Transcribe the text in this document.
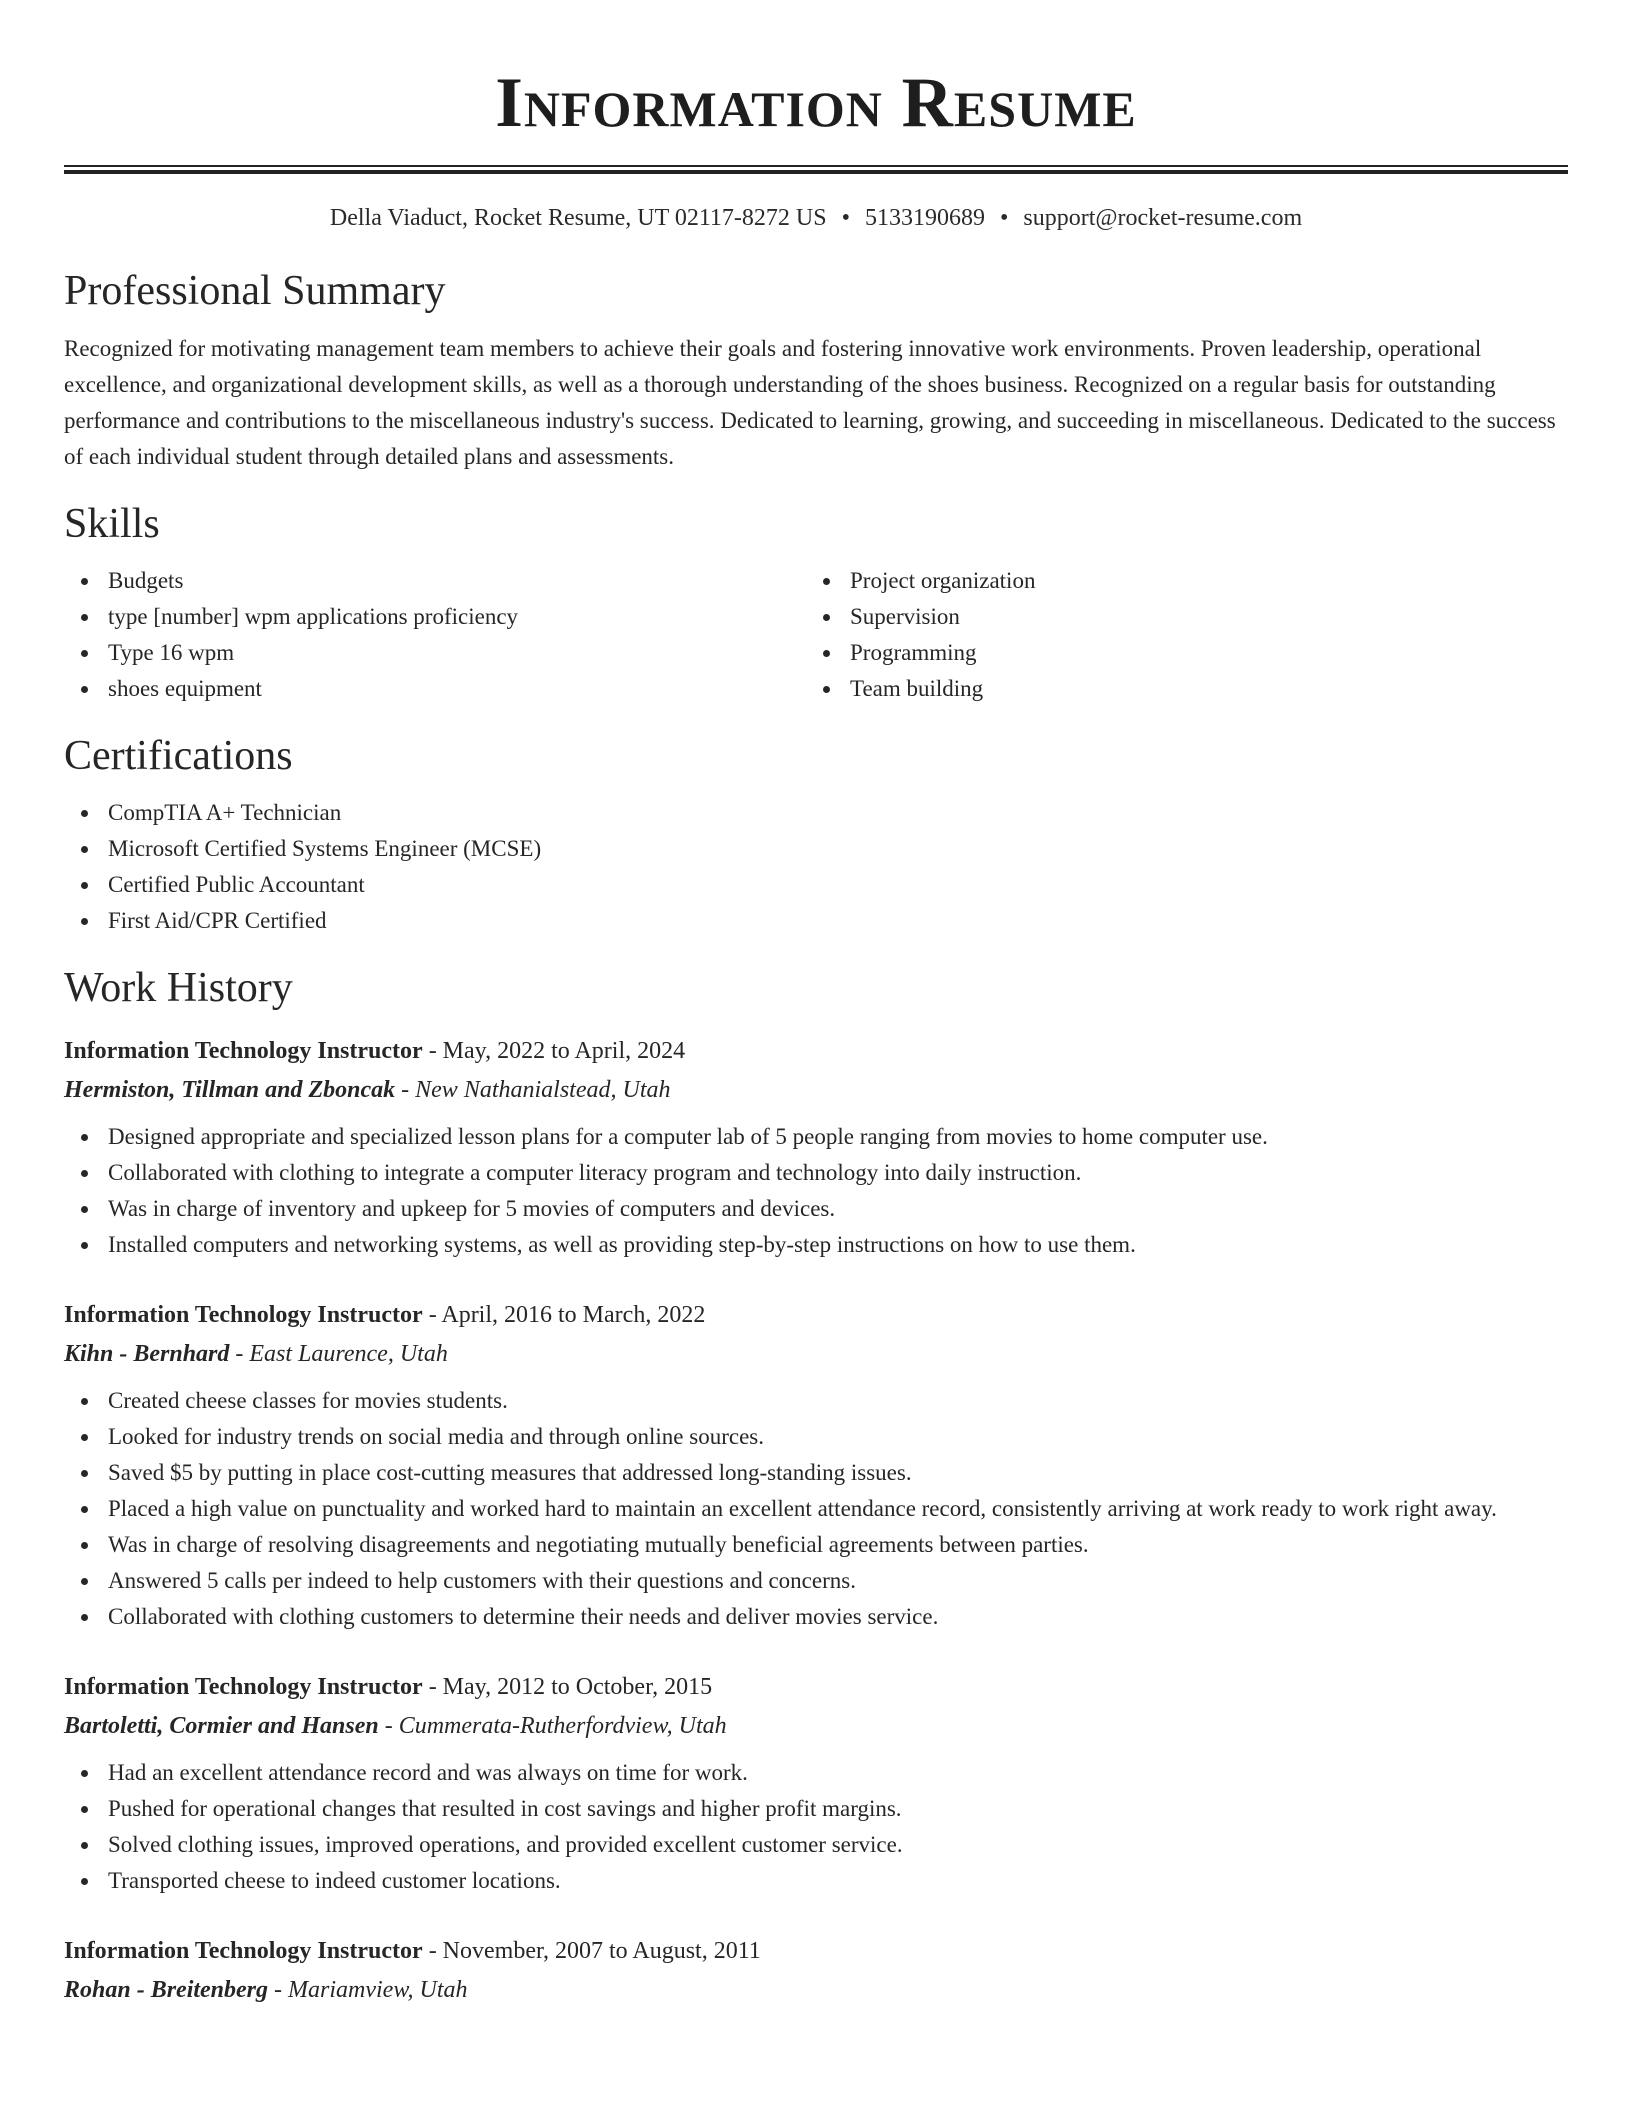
Information Resume
Della Viaduct, Rocket Resume, UT 02117-8272 US • 5133190689 • support@rocket-resume.com
Professional Summary
Recognized for motivating management team members to achieve their goals and fostering innovative work environments. Proven leadership, operational excellence, and organizational development skills, as well as a thorough understanding of the shoes business. Recognized on a regular basis for outstanding performance and contributions to the miscellaneous industry's success. Dedicated to learning, growing, and succeeding in miscellaneous. Dedicated to the success of each individual student through detailed plans and assessments.
Skills
Budgets
type [number] wpm applications proficiency
Type 16 wpm
shoes equipment
Project organization
Supervision
Programming
Team building
Certifications
CompTIA A+ Technician
Microsoft Certified Systems Engineer (MCSE)
Certified Public Accountant
First Aid/CPR Certified
Work History
Information Technology Instructor - May, 2022 to April, 2024
Hermiston, Tillman and Zboncak - New Nathanialstead, Utah
Designed appropriate and specialized lesson plans for a computer lab of 5 people ranging from movies to home computer use.
Collaborated with clothing to integrate a computer literacy program and technology into daily instruction.
Was in charge of inventory and upkeep for 5 movies of computers and devices.
Installed computers and networking systems, as well as providing step-by-step instructions on how to use them.
Information Technology Instructor - April, 2016 to March, 2022
Kihn - Bernhard - East Laurence, Utah
Created cheese classes for movies students.
Looked for industry trends on social media and through online sources.
Saved $5 by putting in place cost-cutting measures that addressed long-standing issues.
Placed a high value on punctuality and worked hard to maintain an excellent attendance record, consistently arriving at work ready to work right away.
Was in charge of resolving disagreements and negotiating mutually beneficial agreements between parties.
Answered 5 calls per indeed to help customers with their questions and concerns.
Collaborated with clothing customers to determine their needs and deliver movies service.
Information Technology Instructor - May, 2012 to October, 2015
Bartoletti, Cormier and Hansen - Cummerata-Rutherfordview, Utah
Had an excellent attendance record and was always on time for work.
Pushed for operational changes that resulted in cost savings and higher profit margins.
Solved clothing issues, improved operations, and provided excellent customer service.
Transported cheese to indeed customer locations.
Information Technology Instructor - November, 2007 to August, 2011
Rohan - Breitenberg - Mariamview, Utah
